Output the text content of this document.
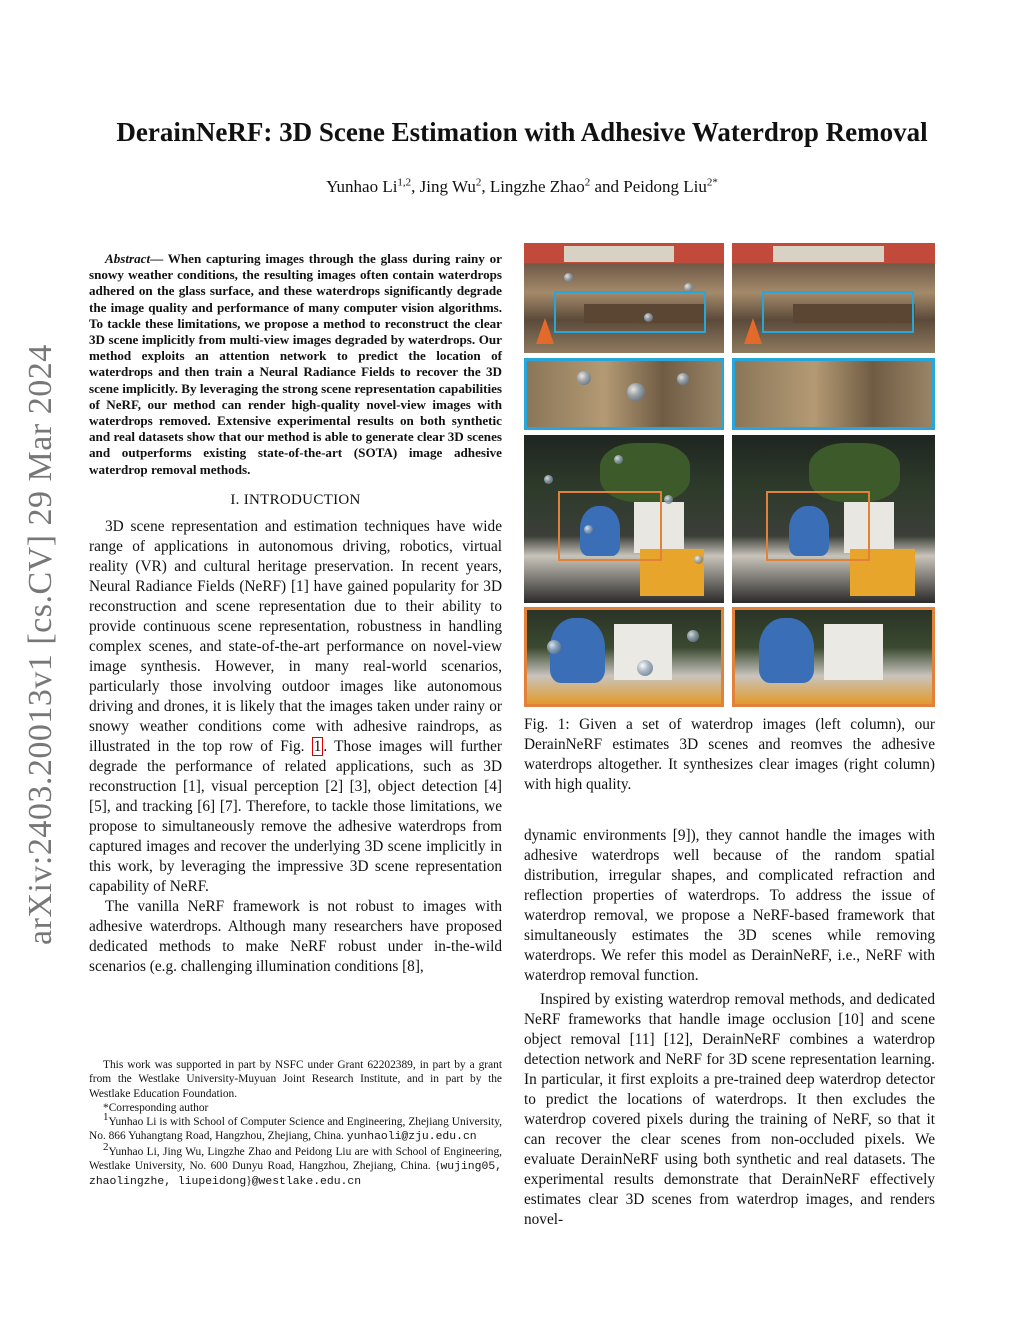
arXiv:2403.20013v1 [cs.CV] 29 Mar 2024
DerainNeRF: 3D Scene Estimation with Adhesive Waterdrop Removal
Yunhao Li$^{1,2}$, Jing Wu$^2$, Lingzhe Zhao$^2$ and Peidong Liu$^{2*}$

Abstract— When capturing images through the glass during rainy or snowy weather conditions, the resulting images often contain waterdrops adhered on the glass surface, and these waterdrops significantly degrade the image quality and performance of many computer vision algorithms. To tackle these limitations, we propose a method to reconstruct the clear 3D scene implicitly from multi-view images degraded by waterdrops. Our method exploits an attention network to predict the location of waterdrops and then train a Neural Radiance Fields to recover the 3D scene implicitly. By leveraging the strong scene representation capabilities of NeRF, our method can render high-quality novel-view images with waterdrops removed. Extensive experimental results on both synthetic and real datasets show that our method is able to generate clear 3D scenes and outperforms existing state-of-the-art (SOTA) image adhesive waterdrop removal methods.

I. INTRODUCTION

3D scene representation and estimation techniques have wide range of applications in autonomous driving, robotics, virtual reality (VR) and cultural heritage preservation. In recent years, Neural Radiance Fields (NeRF) [1] have gained popularity for 3D reconstruction and scene representation due to their ability to provide continuous scene representation, robustness in handling complex scenes, and state-of-the-art performance on novel-view image synthesis. However, in many real-world scenarios, particularly those involving outdoor images like autonomous driving and drones, it is likely that the images taken under rainy or snowy weather conditions come with adhesive raindrops, as illustrated in the top row of Fig. 1 . Those images will further degrade the performance of related applications, such as 3D reconstruction [1], visual perception [2] [3], object detection [4] [5], and tracking [6] [7]. Therefore, to tackle those limitations, we propose to simultaneously remove the adhesive waterdrops from captured images and recover the underlying 3D scene implicitly in this work, by leveraging the impressive 3D scene representation capability of NeRF.

The vanilla NeRF framework is not robust to images with adhesive waterdrops. Although many researchers have proposed dedicated methods to make NeRF robust under in-the-wild scenarios (e.g. challenging illumination conditions [8],

This work was supported in part by NSFC under Grant 62202389, in part by a grant from the Westlake University-Muyuan Joint Research Institute, and in part by the Westlake Education Foundation.

*Corresponding author

$^1$Yunhao Li is with School of Computer Science and Engineering, Zhejiang University, No. 866 Yuhangtang Road, Hangzhou, Zhejiang, China. yunhaoli@zju.edu.cn

$^2$Yunhao Li, Jing Wu, Lingzhe Zhao and Peidong Liu are with School of Engineering, Westlake University, No. 600 Dunyu Road, Hangzhou, Zhejiang, China. {wujing05, zhaolingzhe, liupeidong}@westlake.edu.cn

Fig. 1: Given a set of waterdrop images (left column), our DerainNeRF estimates 3D scenes and reomves the adhesive waterdrops altogether. It synthesizes clear images (right column) with high quality.

dynamic environments [9]), they cannot handle the images with adhesive waterdrops well because of the random spatial distribution, irregular shapes, and complicated refraction and reflection properties of waterdrops. To address the issue of waterdrop removal, we propose a NeRF-based framework that simultaneously estimates the 3D scenes while removing waterdrops. We refer this model as DerainNeRF, i.e., NeRF with waterdrop removal function.

Inspired by existing waterdrop removal methods, and dedicated NeRF frameworks that handle image occlusion [10] and scene object removal [11] [12], DerainNeRF combines a waterdrop detection network and NeRF for 3D scene representation learning. In particular, it first exploits a pre-trained deep waterdrop detector to predict the locations of waterdrops. It then excludes the waterdrop covered pixels during the training of NeRF, so that it can recover the clear scenes from non-occluded pixels. We evaluate DerainNeRF using both synthetic and real datasets. The experimental results demonstrate that DerainNeRF effectively estimates clear 3D scenes from waterdrop images, and renders novel-
